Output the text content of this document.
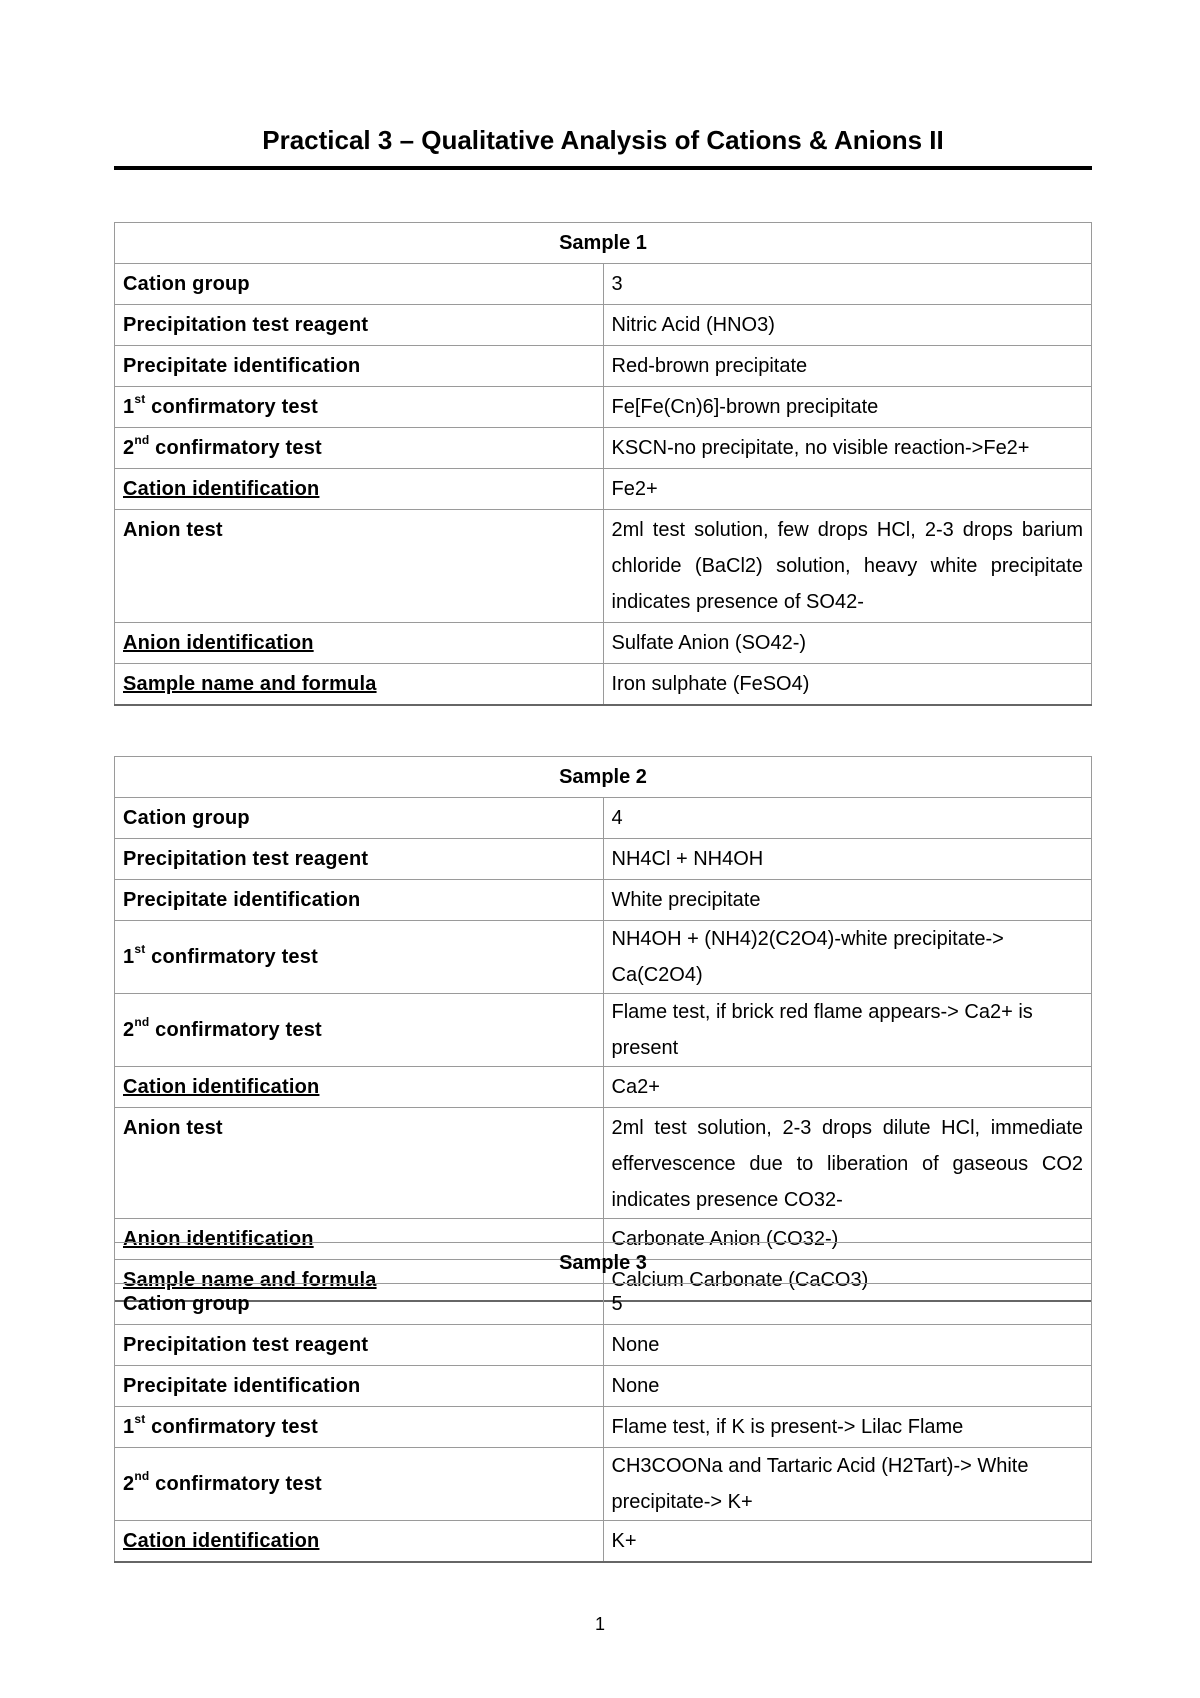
Practical 3 – Qualitative Analysis of Cations & Anions II
Sample 1	
Cation group	3
Precipitation test reagent	Nitric Acid (HNO3)
Precipitate identification	Red-brown precipitate
1st confirmatory test	Fe[Fe(Cn)6]-brown precipitate
2nd confirmatory test	KSCN-no precipitate, no visible reaction->Fe2+
Cation identification	Fe2+
Anion test	2ml test solution, few drops HCl, 2-3 drops barium chloride (BaCl2) solution, heavy white precipitate indicates presence of SO42-
Anion identification	Sulfate Anion (SO42-)
Sample name and formula	Iron sulphate (FeSO4)
Sample 2	
Cation group	4
Precipitation test reagent	NH4Cl + NH4OH
Precipitate identification	White precipitate
1st confirmatory test	NH4OH + (NH4)2(C2O4)-white precipitate-> Ca(C2O4)
2nd confirmatory test	Flame test, if brick red flame appears-> Ca2+ is present
Cation identification	Ca2+
Anion test	2ml test solution, 2-3 drops dilute HCl, immediate effervescence due to liberation of gaseous CO2 indicates presence CO32-
Anion identification	Carbonate Anion (CO32-)
Sample name and formula	Calcium Carbonate (CaCO3)
Sample 3	
Cation group	5
Precipitation test reagent	None
Precipitate identification	None
1st confirmatory test	Flame test, if K is present-> Lilac Flame
2nd confirmatory test	CH3COONa and Tartaric Acid (H2Tart)-> White precipitate-> K+
Cation identification	K+
1
